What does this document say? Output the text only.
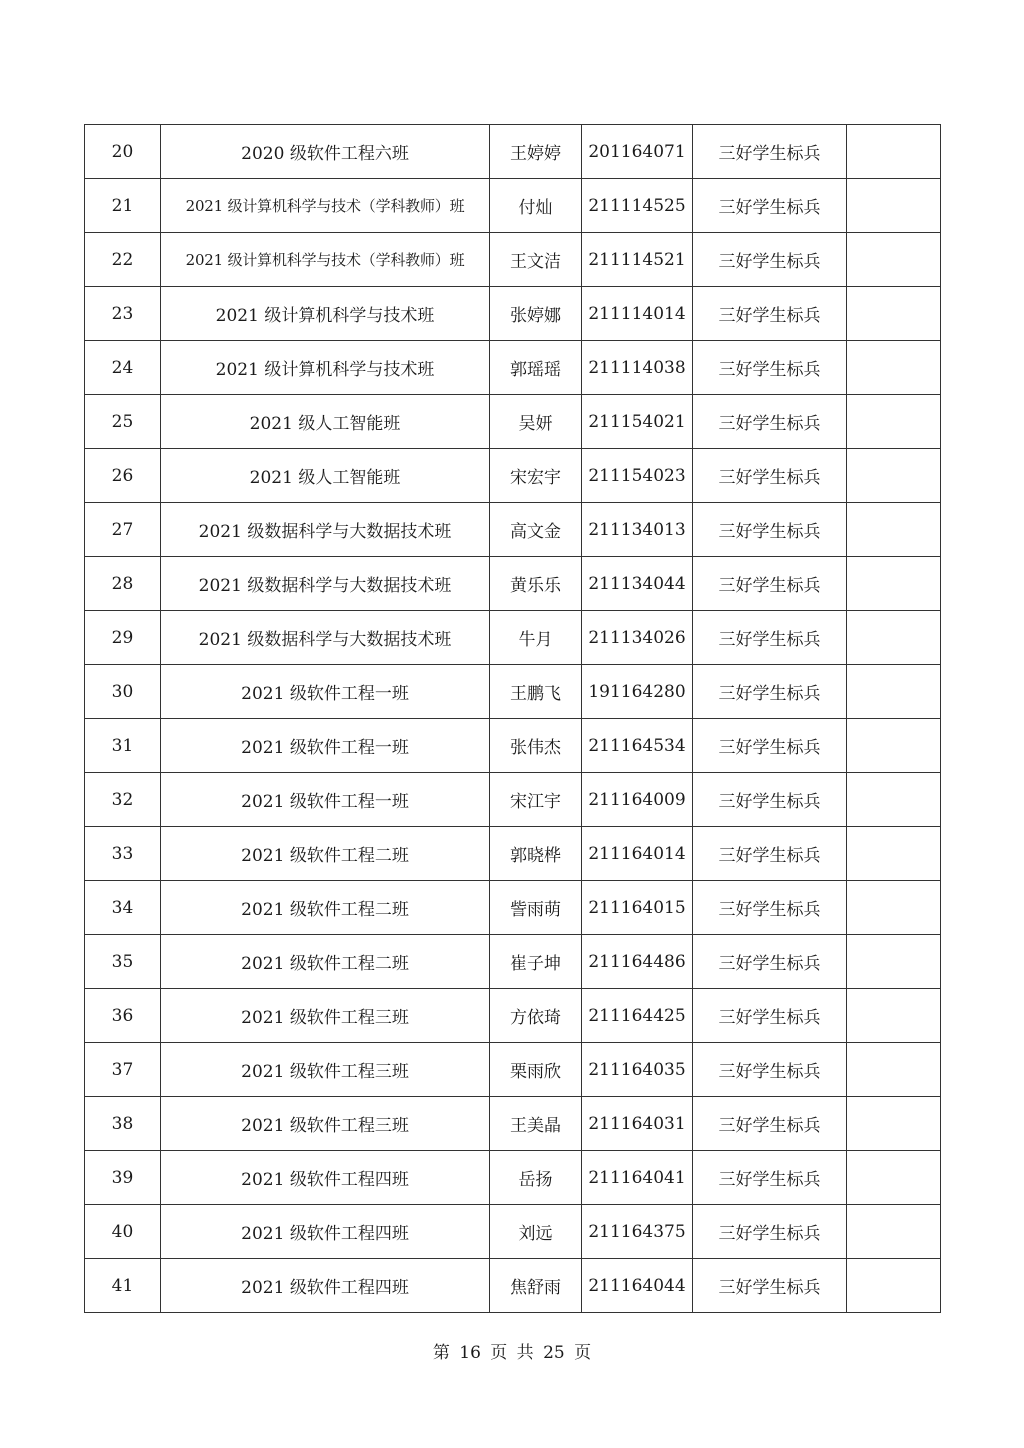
20	2020 级软件工程六班	王婷婷	201164071	三好学生标兵	
21	2021 级计算机科学与技术（学科教师）班	付灿	211114525	三好学生标兵	
22	2021 级计算机科学与技术（学科教师）班	王文洁	211114521	三好学生标兵	
23	2021 级计算机科学与技术班	张婷娜	211114014	三好学生标兵	
24	2021 级计算机科学与技术班	郭瑶瑶	211114038	三好学生标兵	
25	2021 级人工智能班	吴妍	211154021	三好学生标兵	
26	2021 级人工智能班	宋宏宇	211154023	三好学生标兵	
27	2021 级数据科学与大数据技术班	高文金	211134013	三好学生标兵	
28	2021 级数据科学与大数据技术班	黄乐乐	211134044	三好学生标兵	
29	2021 级数据科学与大数据技术班	牛月	211134026	三好学生标兵	
30	2021 级软件工程一班	王鹏飞	191164280	三好学生标兵	
31	2021 级软件工程一班	张伟杰	211164534	三好学生标兵	
32	2021 级软件工程一班	宋江宇	211164009	三好学生标兵	
33	2021 级软件工程二班	郭晓桦	211164014	三好学生标兵	
34	2021 级软件工程二班	訾雨萌	211164015	三好学生标兵	
35	2021 级软件工程二班	崔子坤	211164486	三好学生标兵	
36	2021 级软件工程三班	方依琦	211164425	三好学生标兵	
37	2021 级软件工程三班	栗雨欣	211164035	三好学生标兵	
38	2021 级软件工程三班	王美晶	211164031	三好学生标兵	
39	2021 级软件工程四班	岳扬	211164041	三好学生标兵	
40	2021 级软件工程四班	刘远	211164375	三好学生标兵	
41	2021 级软件工程四班	焦舒雨	211164044	三好学生标兵	
第 16 页 共 25 页
